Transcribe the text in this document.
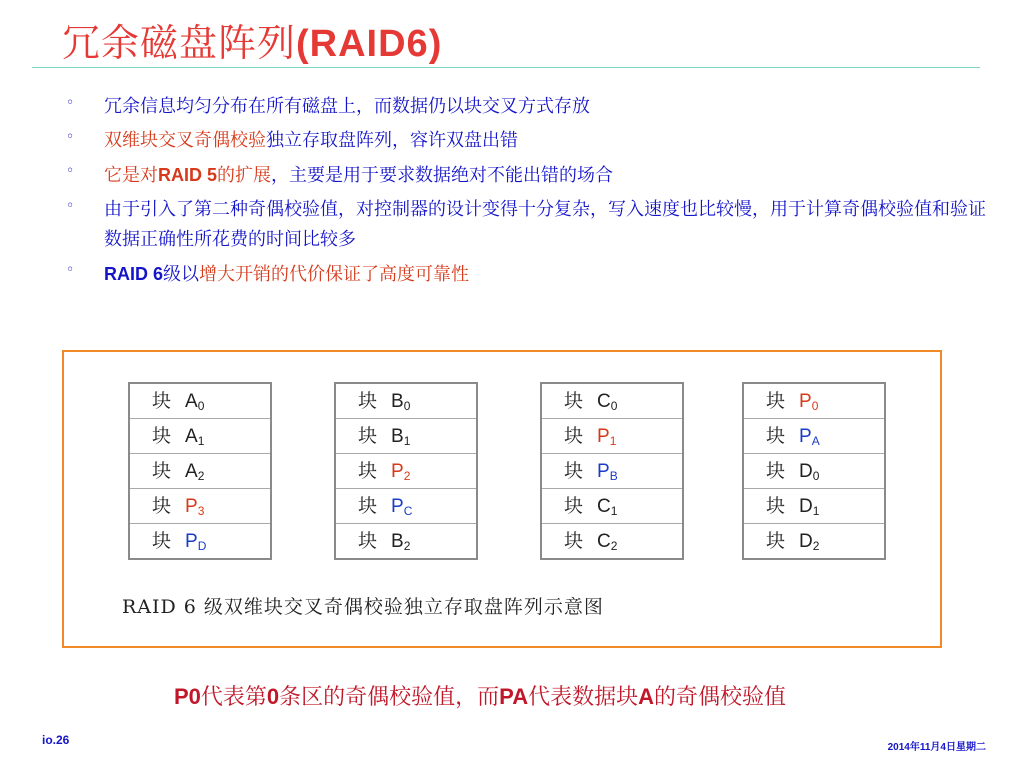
冗余磁盘阵列(RAID6)
◦ 冗余信息均匀分布在所有磁盘上，而数据仍以块交叉方式存放
◦ 双维块交叉奇偶校验独立存取盘阵列，容许双盘出错
◦ 它是对RAID 5的扩展，主要是用于要求数据绝对不能出错的场合
◦ 由于引入了第二种奇偶校验值，对控制器的设计变得十分复杂，写入速度也比较慢，用于计算奇偶校验值和验证数据正确性所花费的时间比较多
◦ RAID 6级以增大开销的代价保证了高度可靠性
块 $A_0$
块 $A_1$
块 $A_2$
块 $P_3$
块 $P_D$
块 $B_0$
块 $B_1$
块 $P_2$
块 $P_C$
块 $B_2$
块 $C_0$
块 $P_1$
块 $P_B$
块 $C_1$
块 $C_2$
块 $P_0$
块 $P_A$
块 $D_0$
块 $D_1$
块 $D_2$
RAID 6 级双维块交叉奇偶校验独立存取盘阵列示意图
P0代表第0条区的奇偶校验值，而PA代表数据块A的奇偶校验值
io.26
2014年11月4日星期二
